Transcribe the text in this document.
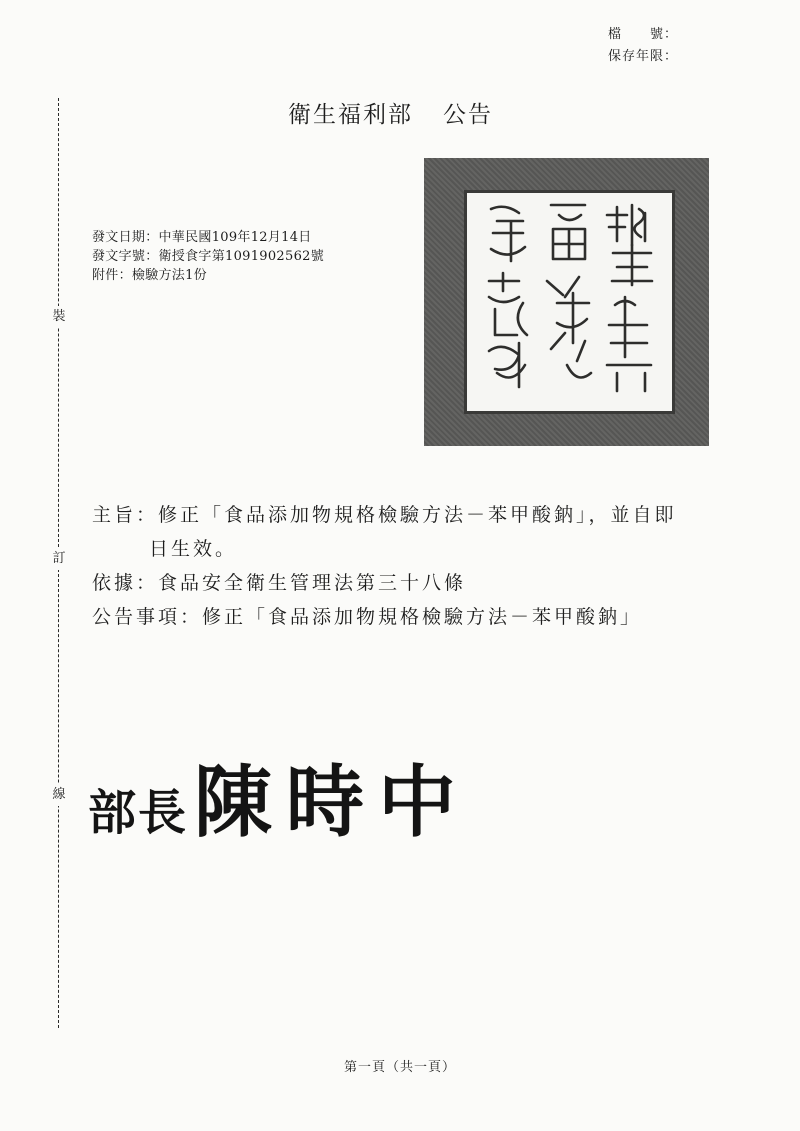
檔　　號：
保存年限：
裝
訂
線
衛生福利部 公告
發文日期：中華民國109年12月14日
發文字號：衛授食字第1091902562號
附件：檢驗方法1份
主旨：修正「食品添加物規格檢驗方法－苯甲酸鈉」，並自即
日生效。
依據：食品安全衛生管理法第三十八條
公告事項：修正「食品添加物規格檢驗方法－苯甲酸鈉」
部長陳時中
第一頁（共一頁）
